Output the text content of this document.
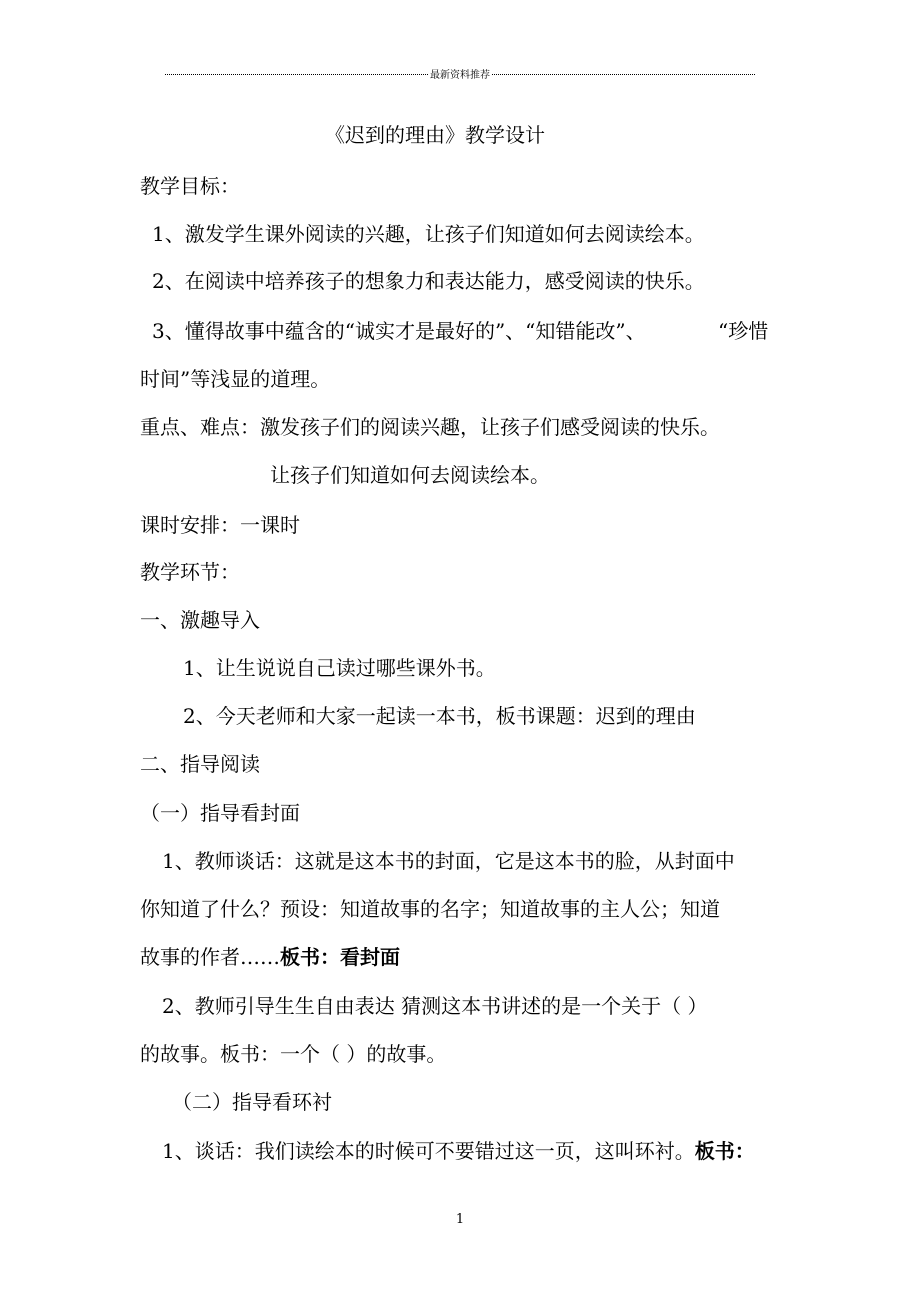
最新资料推荐
《迟到的理由》教学设计
教学目标：
1、激发学生课外阅读的兴趣，让孩子们知道如何去阅读绘本。
2、在阅读中培养孩子的想象力和表达能力，感受阅读的快乐。
3、懂得故事中蕴含的“诚实才是最好的”、“知错能改”、	“珍惜
时间”等浅显的道理。
重点、难点：激发孩子们的阅读兴趣，让孩子们感受阅读的快乐。
让孩子们知道如何去阅读绘本。
课时安排：一课时
教学环节：
一、激趣导入
1、让生说说自己读过哪些课外书。
2、今天老师和大家一起读一本书，板书课题：迟到的理由
二、指导阅读
（一）指导看封面
1、教师谈话：这就是这本书的封面，它是这本书的脸，从封面中
你知道了什么？预设：知道故事的名字；知道故事的主人公；知道
故事的作者……板书：看封面
2、教师引导生生自由表达 猜测这本书讲述的是一个关于（ ）
的故事。板书：一个（ ）的故事。
（二）指导看环衬
1、谈话：我们读绘本的时候可不要错过这一页，这叫环衬。板书：
1
